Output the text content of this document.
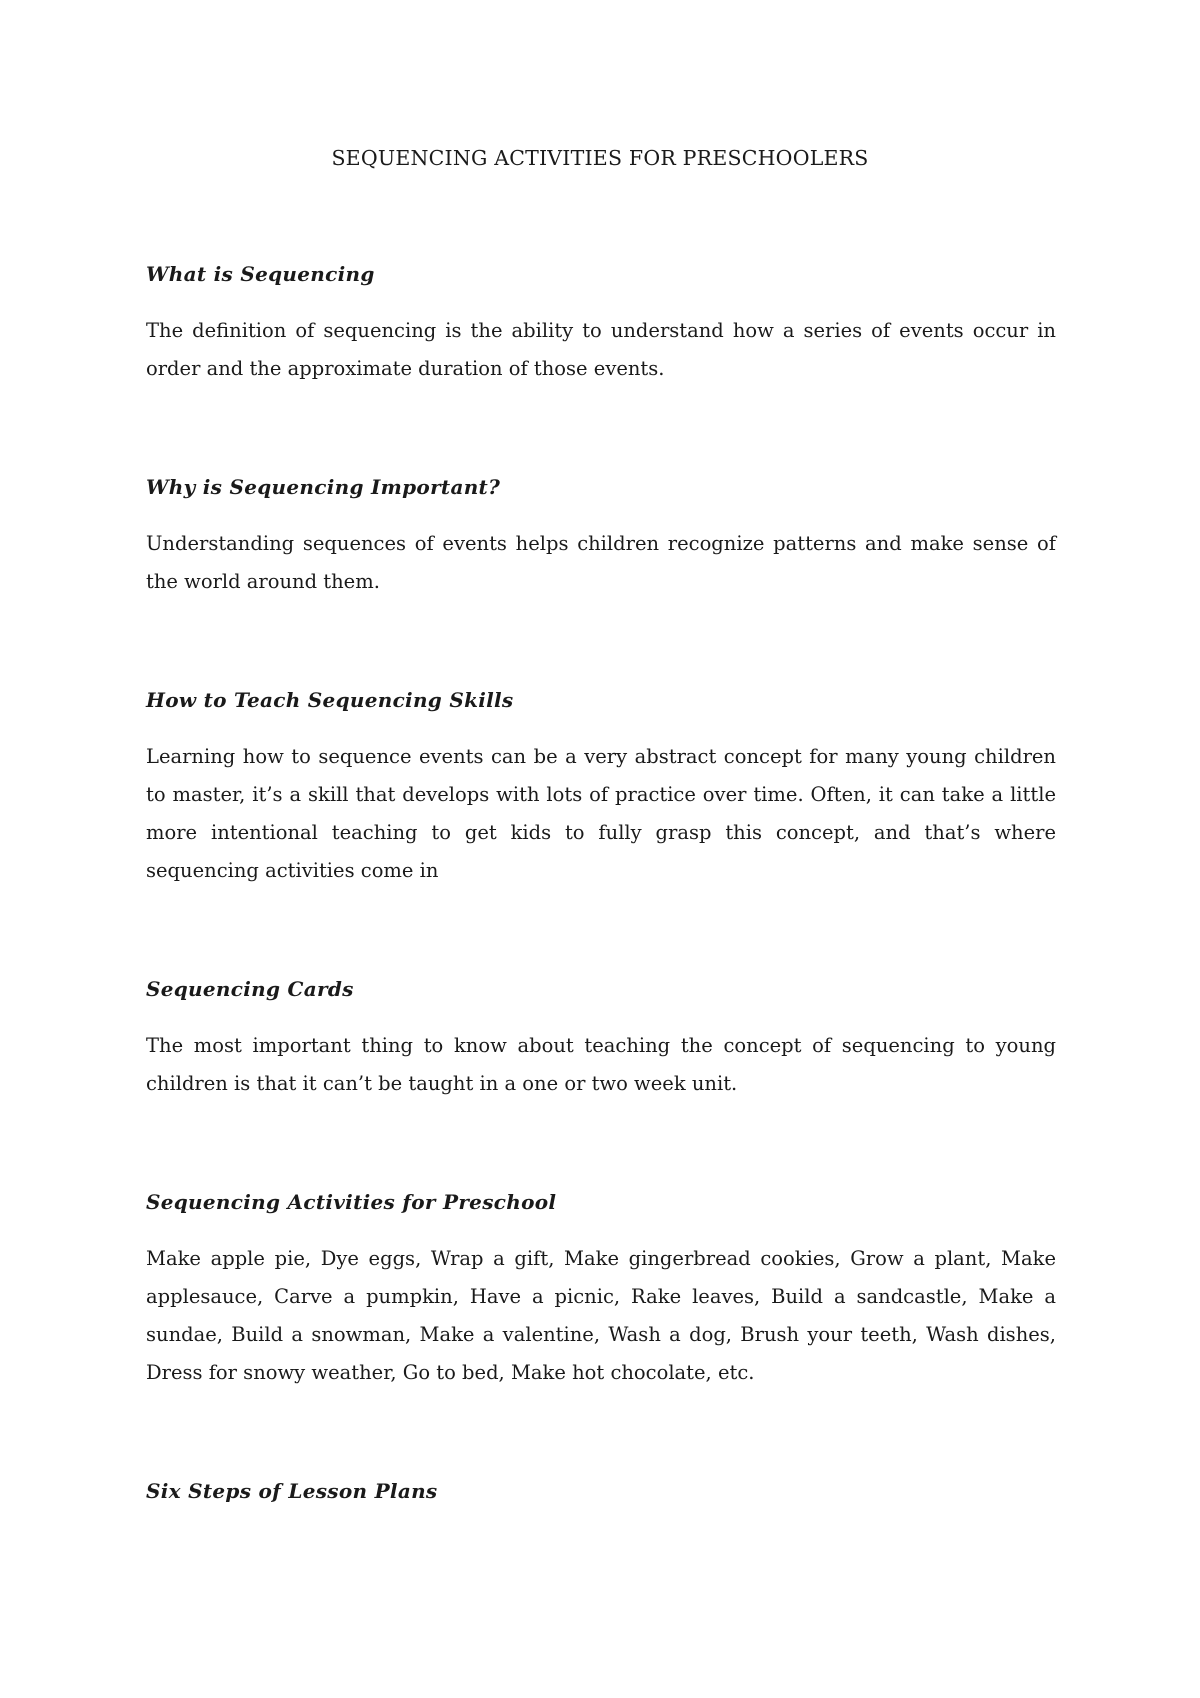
SEQUENCING ACTIVITIES FOR PRESCHOOLERS
What is Sequencing
The definition of sequencing is the ability to understand how a series of events occur in order and the approximate duration of those events.
Why is Sequencing Important?
Understanding sequences of events helps children recognize patterns and make sense of the world around them.
How to Teach Sequencing Skills
Learning how to sequence events can be a very abstract concept for many young children to master, it’s a skill that develops with lots of practice over time. Often, it can take a little more intentional teaching to get kids to fully grasp this concept, and that’s where sequencing activities come in
Sequencing Cards
The most important thing to know about teaching the concept of sequencing to young children is that it can’t be taught in a one or two week unit.
Sequencing Activities for Preschool
Make apple pie, Dye eggs, Wrap a gift, Make gingerbread cookies, Grow a plant, Make applesauce, Carve a pumpkin, Have a picnic, Rake leaves, Build a sandcastle, Make a sundae, Build a snowman, Make a valentine, Wash a dog, Brush your teeth, Wash dishes, Dress for snowy weather, Go to bed, Make hot chocolate, etc.
Six Steps of Lesson Plans
